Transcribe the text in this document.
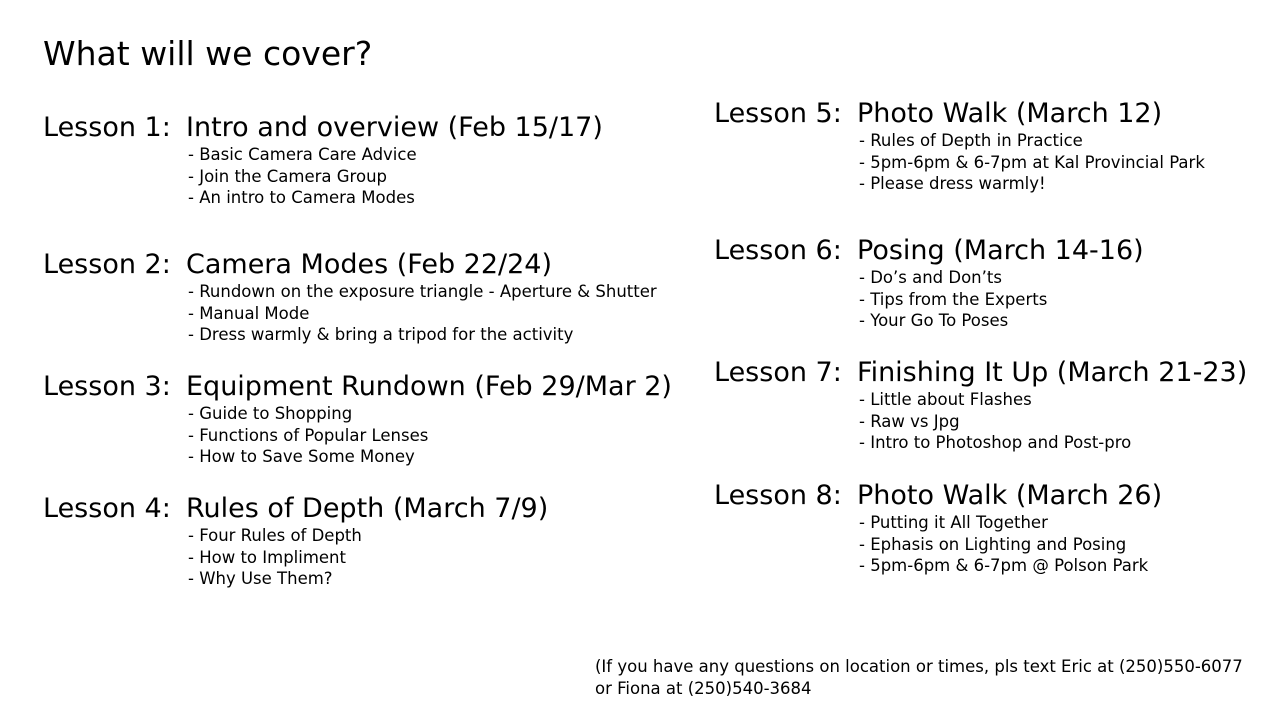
What will we cover?
Lesson 1: Intro and overview (Feb 15/17)
- Basic Camera Care Advice
- Join the Camera Group
- An intro to Camera Modes
Lesson 2: Camera Modes (Feb 22/24)
- Rundown on the exposure triangle - Aperture & Shutter
- Manual Mode
- Dress warmly & bring a tripod for the activity
Lesson 3: Equipment Rundown (Feb 29/Mar 2)
- Guide to Shopping
- Functions of Popular Lenses
- How to Save Some Money
Lesson 4: Rules of Depth (March 7/9)
- Four Rules of Depth
- How to Impliment
- Why Use Them?
Lesson 5: Photo Walk (March 12)
- Rules of Depth in Practice
- 5pm-6pm & 6-7pm at Kal Provincial Park
- Please dress warmly!
Lesson 6: Posing (March 14-16)
- Do’s and Don’ts
- Tips from the Experts
- Your Go To Poses
Lesson 7: Finishing It Up (March 21-23)
- Little about Flashes
- Raw vs Jpg
- Intro to Photoshop and Post-pro
Lesson 8: Photo Walk (March 26)
- Putting it All Together
- Ephasis on Lighting and Posing
- 5pm-6pm & 6-7pm @ Polson Park
(If you have any questions on location or times, pls text Eric at (250)550-6077
or Fiona at (250)540-3684
